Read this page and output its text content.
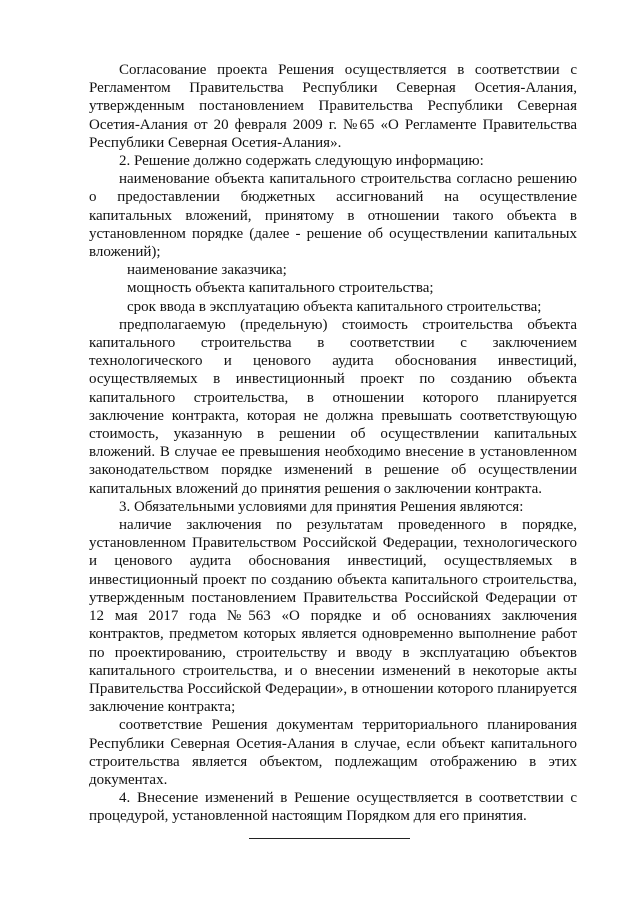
Согласование проекта Решения осуществляется в соответствии с Регламентом Правительства Республики Северная Осетия-Алания, утвержденным постановлением Правительства Республики Северная Осетия-Алания от 20 февраля 2009 г. №65 «О Регламенте Правительства Республики Северная Осетия-Алания».

2. Решение должно содержать следующую информацию:

наименование объекта капитального строительства согласно решению о предоставлении бюджетных ассигнований на осуществление капитальных вложений, принятому в отношении такого объекта в установленном порядке (далее - решение об осуществлении капитальных вложений);

наименование заказчика;

мощность объекта капитального строительства;

срок ввода в эксплуатацию объекта капитального строительства;

предполагаемую (предельную) стоимость строительства объекта капитального строительства в соответствии с заключением технологического и ценового аудита обоснования инвестиций, осуществляемых в инвестиционный проект по созданию объекта капитального строительства, в отношении которого планируется заключение контракта, которая не должна превышать соответствующую стоимость, указанную в решении об осуществлении капитальных вложений. В случае ее превышения необходимо внесение в установленном законодательством порядке изменений в решение об осуществлении капитальных вложений до принятия решения о заключении контракта.

3. Обязательными условиями для принятия Решения являются:

наличие заключения по результатам проведенного в порядке, установленном Правительством Российской Федерации, технологического и ценового аудита обоснования инвестиций, осуществляемых в инвестиционный проект по созданию объекта капитального строительства, утвержденным постановлением Правительства Российской Федерации от 12 мая 2017 года №563 «О порядке и об основаниях заключения контрактов, предметом которых является одновременно выполнение работ по проектированию, строительству и вводу в эксплуатацию объектов капитального строительства, и о внесении изменений в некоторые акты Правительства Российской Федерации», в отношении которого планируется заключение контракта;

соответствие Решения документам территориального планирования Республики Северная Осетия-Алания в случае, если объект капитального строительства является объектом, подлежащим отображению в этих документах.

4. Внесение изменений в Решение осуществляется в соответствии с процедурой, установленной настоящим Порядком для его принятия.
